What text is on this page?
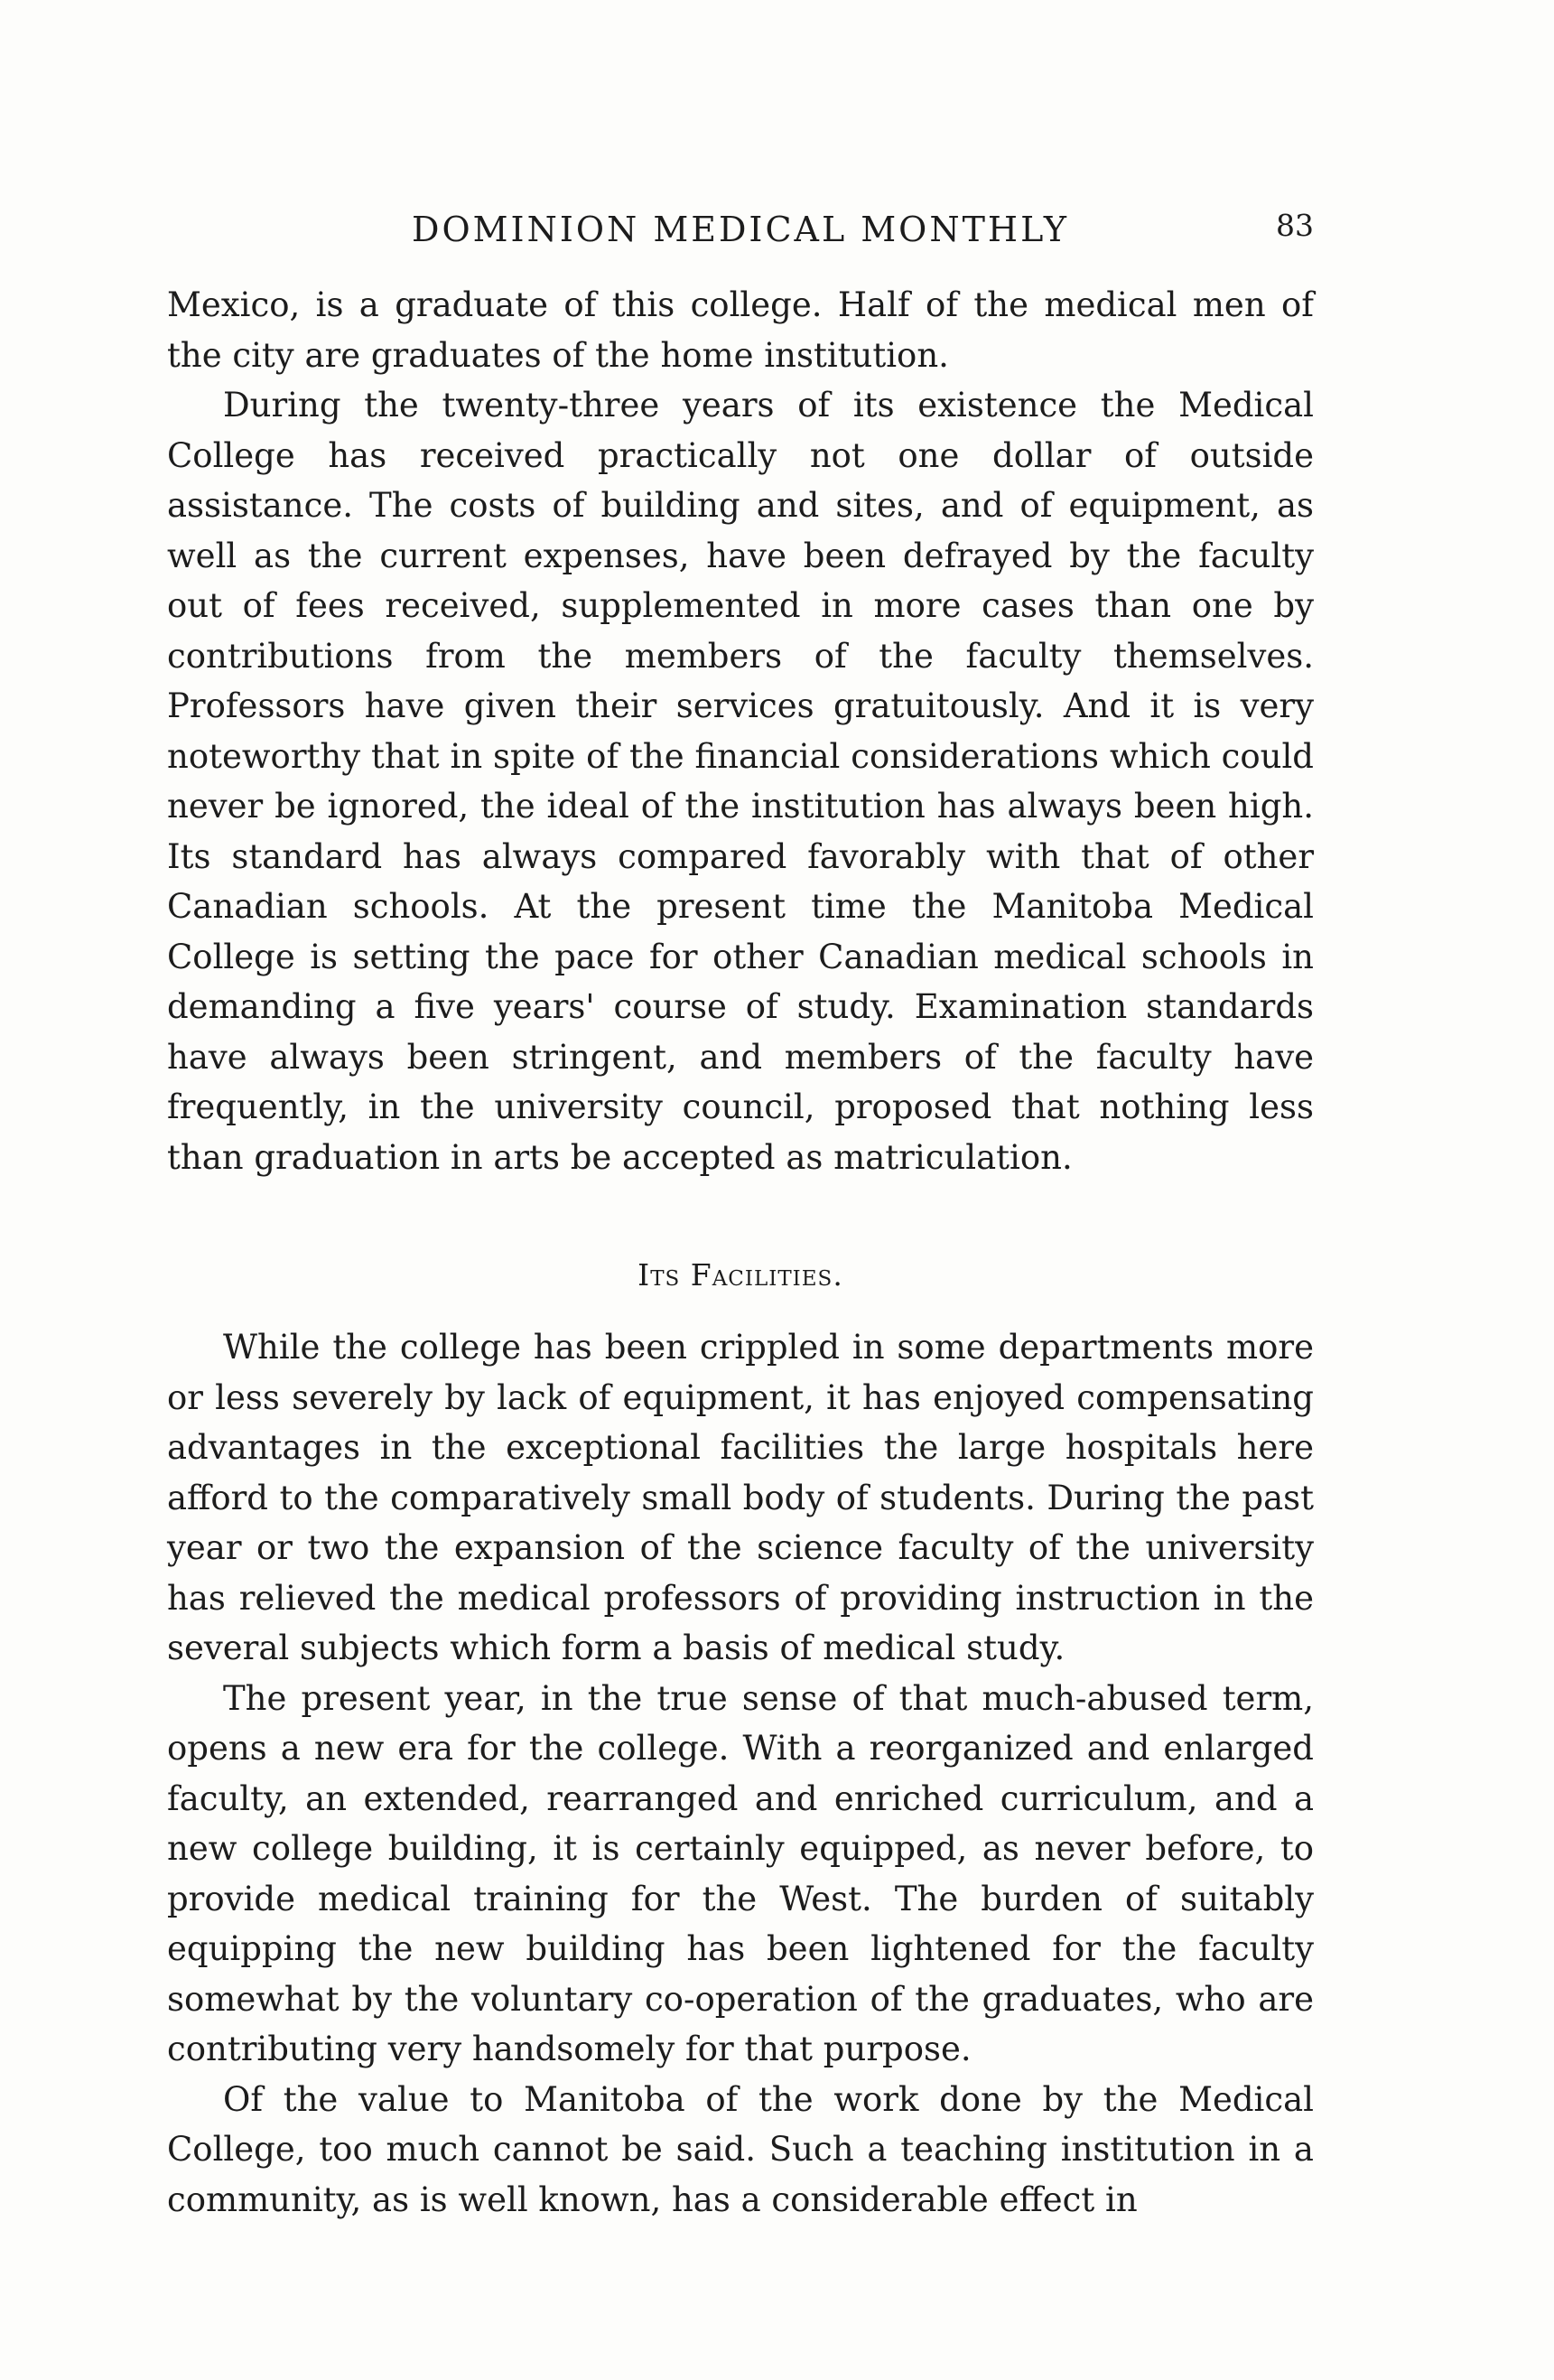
DOMINION MEDICAL MONTHLY	83

Mexico, is a graduate of this college. Half of the medical men of the city are graduates of the home institution.

During the twenty-three years of its existence the Medical College has received practically not one dollar of outside assistance. The costs of building and sites, and of equipment, as well as the current expenses, have been defrayed by the faculty out of fees received, supplemented in more cases than one by contributions from the members of the faculty themselves. Professors have given their services gratuitously. And it is very noteworthy that in spite of the financial considerations which could never be ignored, the ideal of the institution has always been high. Its standard has always compared favorably with that of other Canadian schools. At the present time the Manitoba Medical College is setting the pace for other Canadian medical schools in demanding a five years' course of study. Examination standards have always been stringent, and members of the faculty have frequently, in the university council, proposed that nothing less than graduation in arts be accepted as matriculation.

Its Facilities.

While the college has been crippled in some departments more or less severely by lack of equipment, it has enjoyed compensating advantages in the exceptional facilities the large hospitals here afford to the comparatively small body of students. During the past year or two the expansion of the science faculty of the university has relieved the medical professors of providing instruction in the several subjects which form a basis of medical study.

The present year, in the true sense of that much-abused term, opens a new era for the college. With a reorganized and enlarged faculty, an extended, rearranged and enriched curriculum, and a new college building, it is certainly equipped, as never before, to provide medical training for the West. The burden of suitably equipping the new building has been lightened for the faculty somewhat by the voluntary co-operation of the graduates, who are contributing very handsomely for that purpose.

Of the value to Manitoba of the work done by the Medical College, too much cannot be said. Such a teaching institution in a community, as is well known, has a considerable effect in
